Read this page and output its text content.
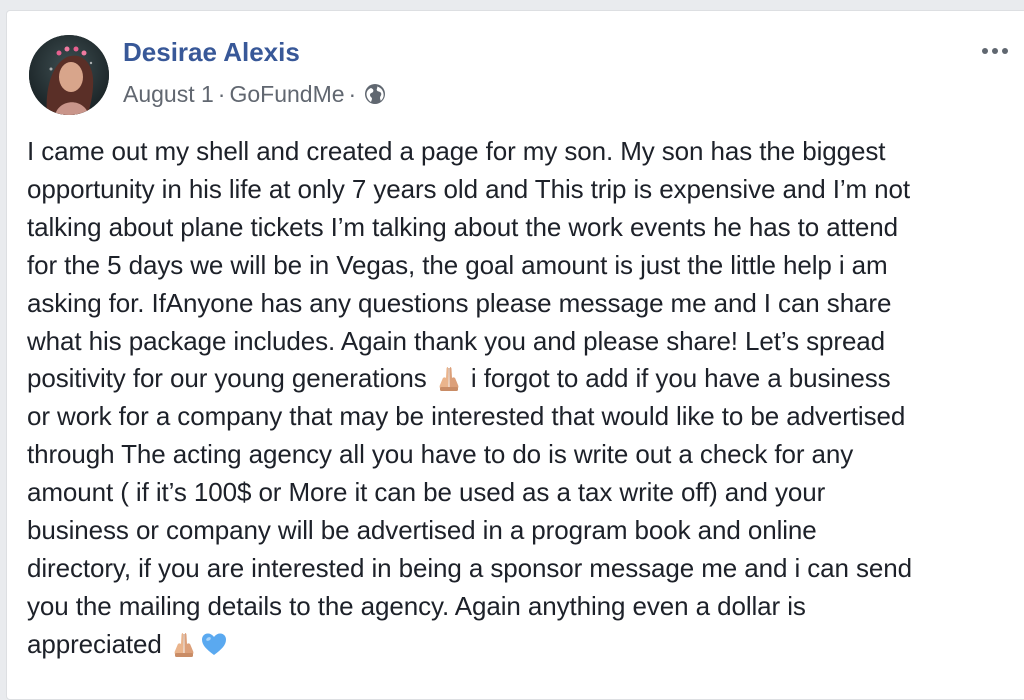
Desirae Alexis
August 1 · GoFundMe ·
I came out my shell and created a page for my son. My son has the biggest
opportunity in his life at only 7 years old and This trip is expensive and I’m not
talking about plane tickets I’m talking about the work events he has to attend
for the 5 days we will be in Vegas, the goal amount is just the little help i am
asking for. IfAnyone has any questions please message me and I can share
what his package includes. Again thank you and please share! Let’s spread
positivity for our young generations i forgot to add if you have a business
or work for a company that may be interested that would like to be advertised
through The acting agency all you have to do is write out a check for any
amount ( if it’s 100$ or More it can be used as a tax write off) and your
business or company will be advertised in a program book and online
directory, if you are interested in being a sponsor message me and i can send
you the mailing details to the agency. Again anything even a dollar is
appreciated
